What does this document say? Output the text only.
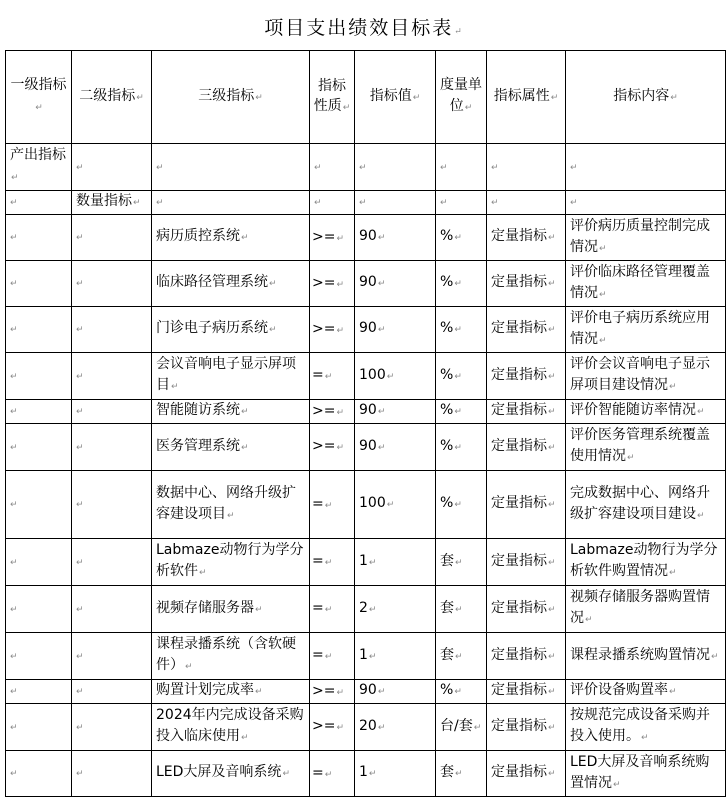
项目支出绩效目标表↵
一级指标↵	二级指标↵	三级指标↵	指标性质↵	指标值↵	度量单位↵	指标属性↵	指标内容↵
产出指标↵	↵	↵	↵	↵	↵	↵	↵
↵	数量指标↵	↵	↵	↵	↵	↵	↵
↵	↵	病历质控系统↵	>=↵	90↵	%↵	定量指标↵	评价病历质量控制完成情况↵
↵	↵	临床路径管理系统↵	>=↵	90↵	%↵	定量指标↵	评价临床路径管理覆盖情况↵
↵	↵	门诊电子病历系统↵	>=↵	90↵	%↵	定量指标↵	评价电子病历系统应用情况↵
↵	↵	会议音响电子显示屏项目↵	=↵	100↵	%↵	定量指标↵	评价会议音响电子显示屏项目建设情况↵
↵	↵	智能随访系统↵	>=↵	90↵	%↵	定量指标↵	评价智能随访率情况↵
↵	↵	医务管理系统↵	>=↵	90↵	%↵	定量指标↵	评价医务管理系统覆盖使用情况↵
↵	↵	数据中心、网络升级扩容建设项目↵	=↵	100↵	%↵	定量指标↵	完成数据中心、网络升级扩容建设项目建设↵
↵	↵	Labmaze动物行为学分析软件↵	=↵	1↵	套↵	定量指标↵	Labmaze动物行为学分析软件购置情况↵
↵	↵	视频存储服务器↵	=↵	2↵	套↵	定量指标↵	视频存储服务器购置情况↵
↵	↵	课程录播系统（含软硬件）↵	=↵	1↵	套↵	定量指标↵	课程录播系统购置情况↵
↵	↵	购置计划完成率↵	>=↵	90↵	%↵	定量指标↵	评价设备购置率↵
↵	↵	2024年内完成设备采购投入临床使用↵	>=↵	20↵	台/套↵	定量指标↵	按规范完成设备采购并投入使用。↵
↵	↵	LED大屏及音响系统↵	=↵	1↵	套↵	定量指标↵	LED大屏及音响系统购置情况↵
